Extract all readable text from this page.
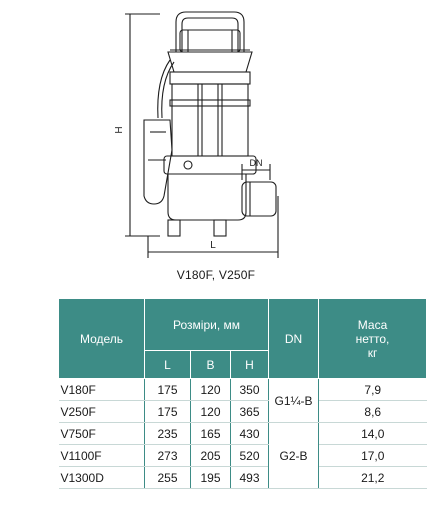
H
L
DN
V180F, V250F
Модель	Розміри, мм			DN	Маса
нетто,
кг
	L	B	H		
V180F	175	120	350	G1¼-B	7,9
V250F	175	120	365		8,6
V750F	235	165	430	G2-B	14,0
V1100F	273	205	520		17,0
V1300D	255	195	493		21,2
